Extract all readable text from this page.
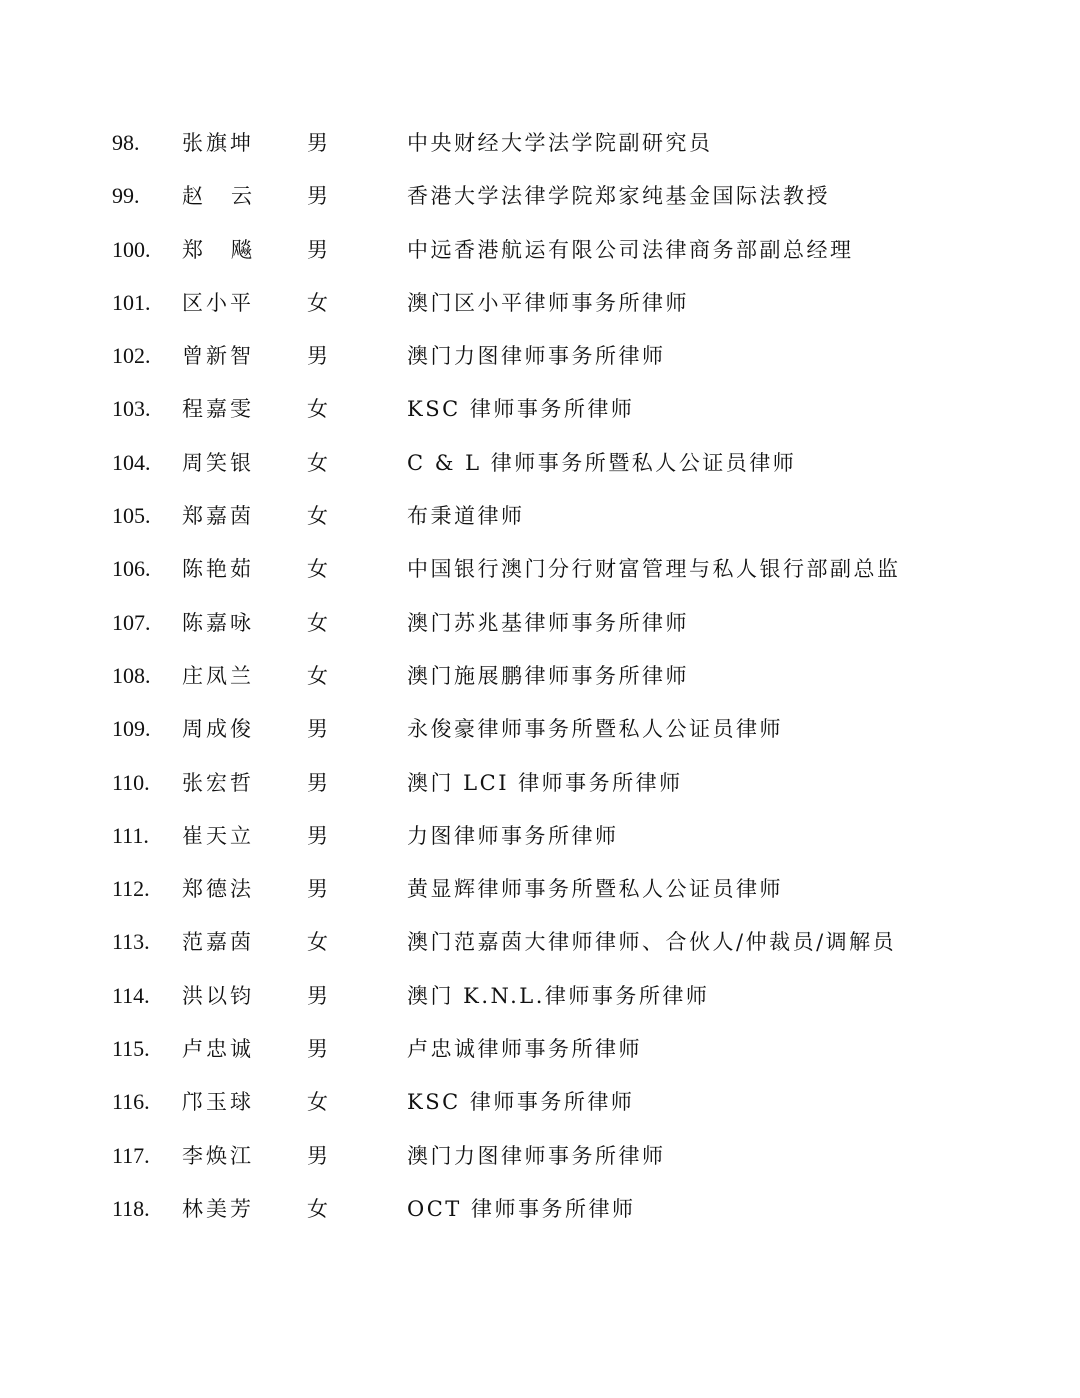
98. 张旗坤	男	中央财经大学法学院副研究员
99. 赵云 男	香港大学法律学院郑家纯基金国际法教授
100. 郑飚 男	中远香港航运有限公司法律商务部副总经理
101. 区小平	女	澳门区小平律师事务所律师
102. 曾新智	男	澳门力图律师事务所律师
103. 程嘉雯	女	KSC 律师事务所律师
104. 周笑银	女	C & L 律师事务所暨私人公证员律师
105. 郑嘉茵	女	布秉道律师
106. 陈艳茹	女	中国银行澳门分行财富管理与私人银行部副总监
107. 陈嘉咏	女	澳门苏兆基律师事务所律师
108. 庄凤兰	女	澳门施展鹏律师事务所律师
109. 周成俊	男	永俊豪律师事务所暨私人公证员律师
110. 张宏哲	男	澳门 LCI 律师事务所律师
111. 崔天立	男	力图律师事务所律师
112. 郑德法	男	黄显辉律师事务所暨私人公证员律师
113. 范嘉茵	女	澳门范嘉茵大律师律师、合伙人/仲裁员/调解员
114. 洪以钧	男	澳门 K.N.L.律师事务所律师
115. 卢忠诚	男	卢忠诚律师事务所律师
116. 邝玉球	女	KSC 律师事务所律师
117. 李焕江	男	澳门力图律师事务所律师
118. 林美芳	女	OCT 律师事务所律师
